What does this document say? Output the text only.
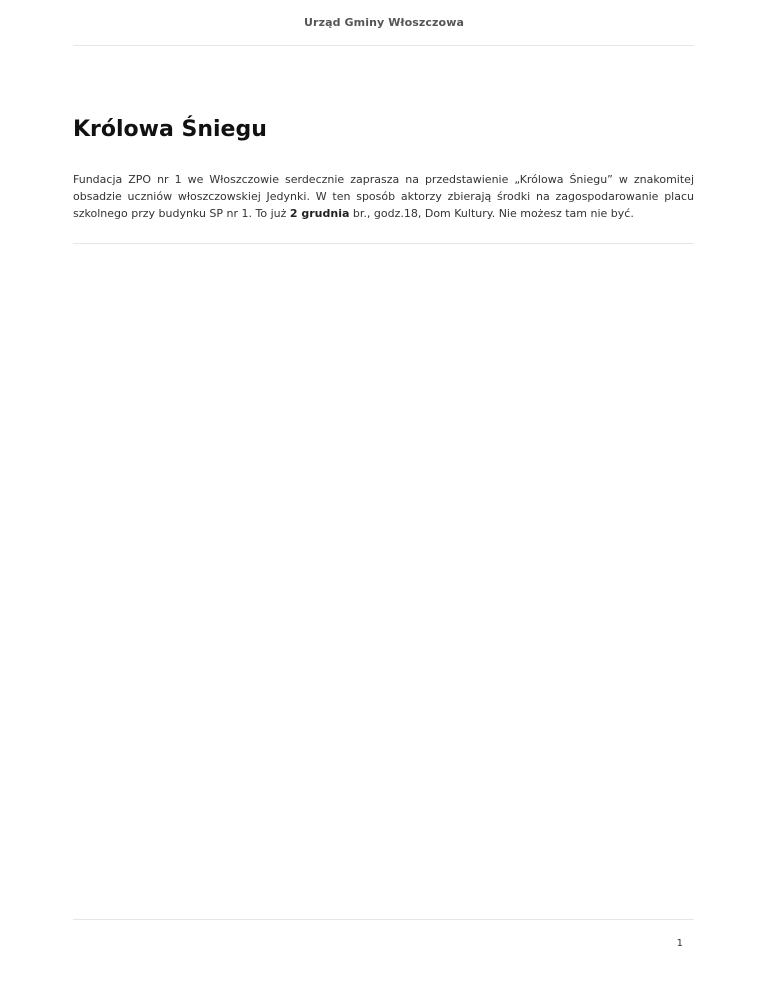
Urząd Gminy Włoszczowa
Królowa Śniegu

Fundacja ZPO nr 1 we Włoszczowie serdecznie zaprasza na przedstawienie „Królowa Śniegu” w znakomitej obsadzie uczniów włoszczowskiej Jedynki. W ten sposób aktorzy zbierają środki na zagospodarowanie placu szkolnego przy budynku SP nr 1. To już 2 grudnia br., godz.18, Dom Kultury. Nie możesz tam nie być.

1
